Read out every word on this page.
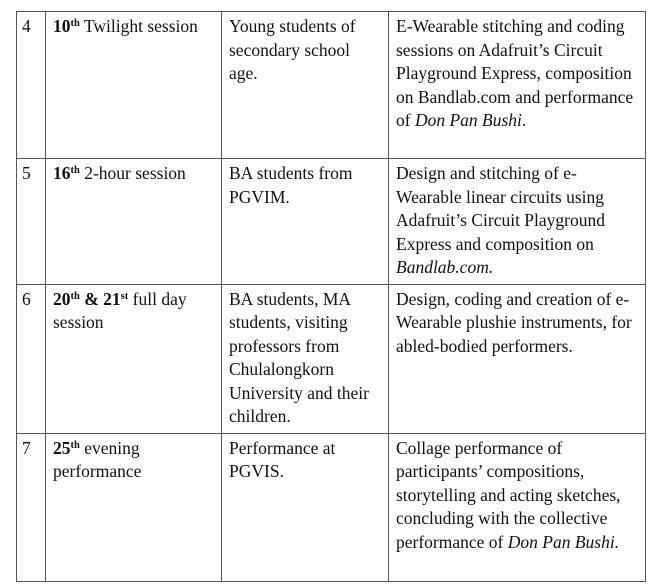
4	10th Twilight session	Young students of secondary school age.	E-Wearable stitching and coding sessions on Adafruit’s Circuit Playground Express, composition on Bandlab.com and performance of Don Pan Bushi.
5	16th 2-hour session	BA students from PGVIM.	Design and stitching of e-Wearable linear circuits using Adafruit’s Circuit Playground Express and composition on Bandlab.com.
6	20th & 21st full day session	BA students, MA students, visiting professors from Chulalongkorn University and their children.	Design, coding and creation of e-Wearable plushie instruments, for abled-bodied performers.
7	25th evening performance	Performance at PGVIS.	Collage performance of participants’ compositions, storytelling and acting sketches, concluding with the collective performance of Don Pan Bushi.
